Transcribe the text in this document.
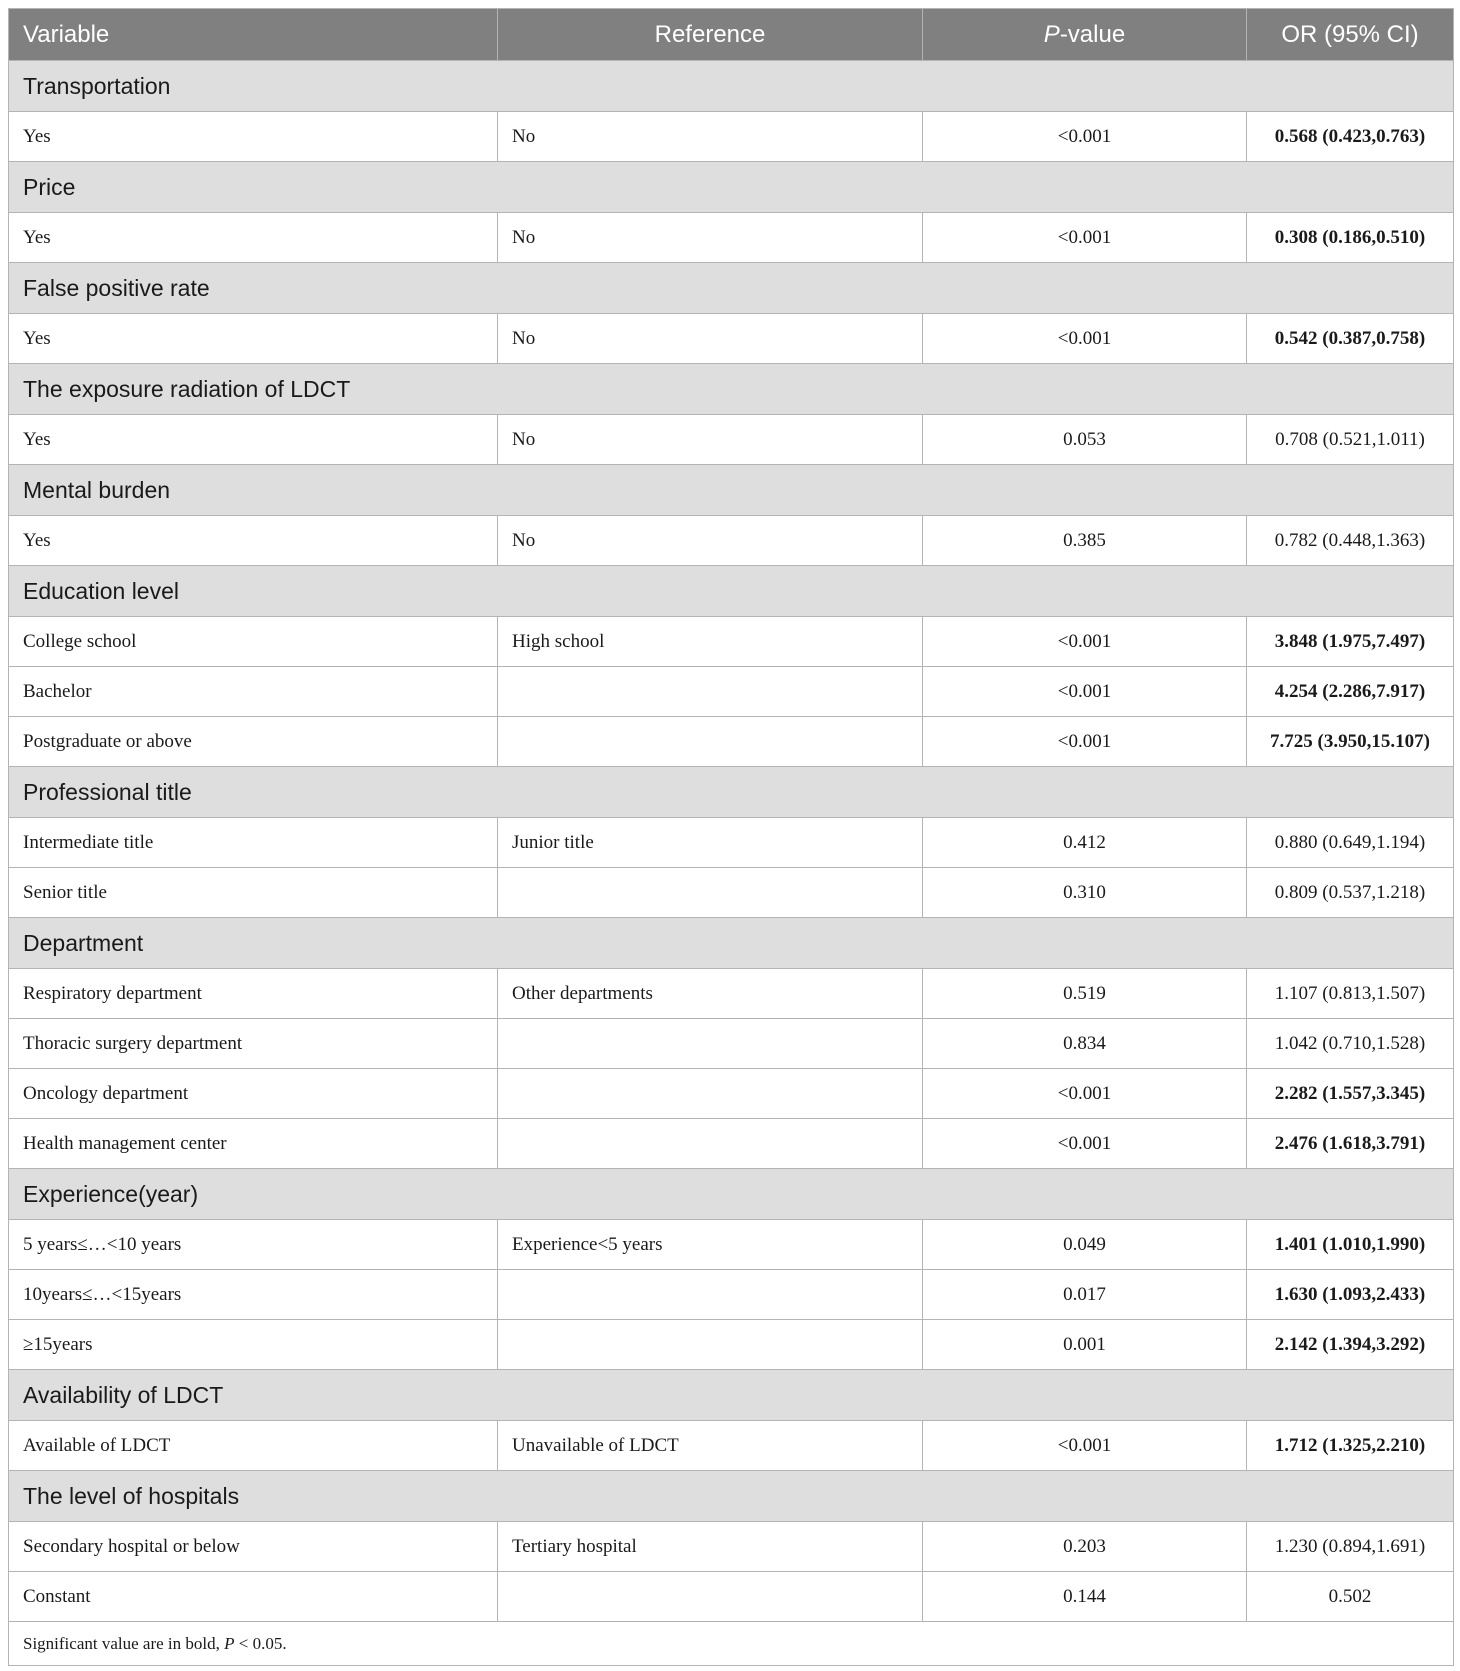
Variable	Reference	P-value	OR (95% CI)
Transportation			
Yes	No	<0.001	0.568 (0.423,0.763)
Price			
Yes	No	<0.001	0.308 (0.186,0.510)
False positive rate			
Yes	No	<0.001	0.542 (0.387,0.758)
The exposure radiation of LDCT			
Yes	No	0.053	0.708 (0.521,1.011)
Mental burden			
Yes	No	0.385	0.782 (0.448,1.363)
Education level			
College school	High school	<0.001	3.848 (1.975,7.497)
Bachelor		<0.001	4.254 (2.286,7.917)
Postgraduate or above		<0.001	7.725 (3.950,15.107)
Professional title			
Intermediate title	Junior title	0.412	0.880 (0.649,1.194)
Senior title		0.310	0.809 (0.537,1.218)
Department			
Respiratory department	Other departments	0.519	1.107 (0.813,1.507)
Thoracic surgery department		0.834	1.042 (0.710,1.528)
Oncology department		<0.001	2.282 (1.557,3.345)
Health management center		<0.001	2.476 (1.618,3.791)
Experience(year)			
5 years≤…<10 years	Experience<5 years	0.049	1.401 (1.010,1.990)
10years≤…<15years		0.017	1.630 (1.093,2.433)
≥15years		0.001	2.142 (1.394,3.292)
Availability of LDCT			
Available of LDCT	Unavailable of LDCT	<0.001	1.712 (1.325,2.210)
The level of hospitals			
Secondary hospital or below	Tertiary hospital	0.203	1.230 (0.894,1.691)
Constant		0.144	0.502
Significant value are in bold, P < 0.05.			
